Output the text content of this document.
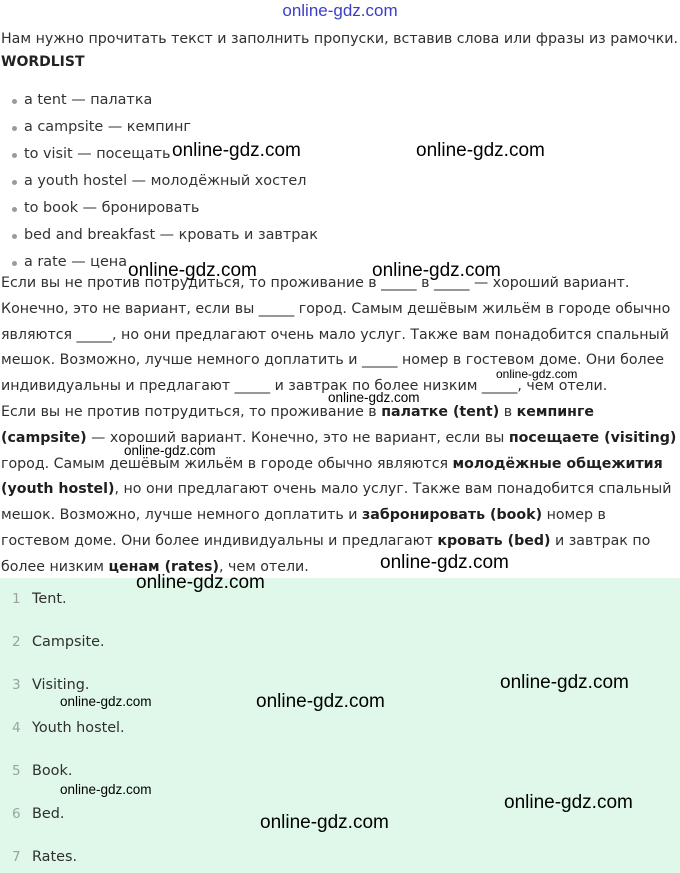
online-gdz.com

Нам нужно прочитать текст и заполнить пропуски, вставив слова или фразы из рамочки.

WORDLIST

a tent — палатка
a campsite — кемпинг
to visit — посещать
a youth hostel — молодёжный хостел
to book — бронировать
bed and breakfast — кровать и завтрак
a rate — цена
Если вы не против потрудиться, то проживание в _____ в _____ — хороший вариант.
Конечно, это не вариант, если вы _____ город. Самым дешёвым жильём в городе обычно
являются _____, но они предлагают очень мало услуг. Также вам понадобится спальный
мешок. Возможно, лучше немного доплатить и _____ номер в гостевом доме. Они более
индивидуальны и предлагают _____ и завтрак по более низким _____, чем отели.

Если вы не против потрудиться, то проживание в палатке (tent) в кемпинге (campsite) — хороший вариант. Конечно, это не вариант, если вы посещаете (visiting) город. Самым дешёвым жильём в городе обычно являются молодёжные общежития (youth hostel), но они предлагают очень мало услуг. Также вам понадобится спальный мешок. Возможно, лучше немного доплатить и забронировать (book) номер в гостевом доме. Они более индивидуальны и предлагают кровать (bed) и завтрак по более низким ценам (rates), чем отели.

1 Tent.
2 Campsite.
3 Visiting.
4 Youth hostel.
5 Book.
6 Bed.
7 Rates.
online-gdz.com	online-gdz.com
online-gdz.com	online-gdz.com
online-gdz.com
online-gdz.com
online-gdz.com
online-gdz.com
online-gdz.com
online-gdz.com
online-gdz.com	online-gdz.com
online-gdz.com
online-gdz.com
online-gdz.com
